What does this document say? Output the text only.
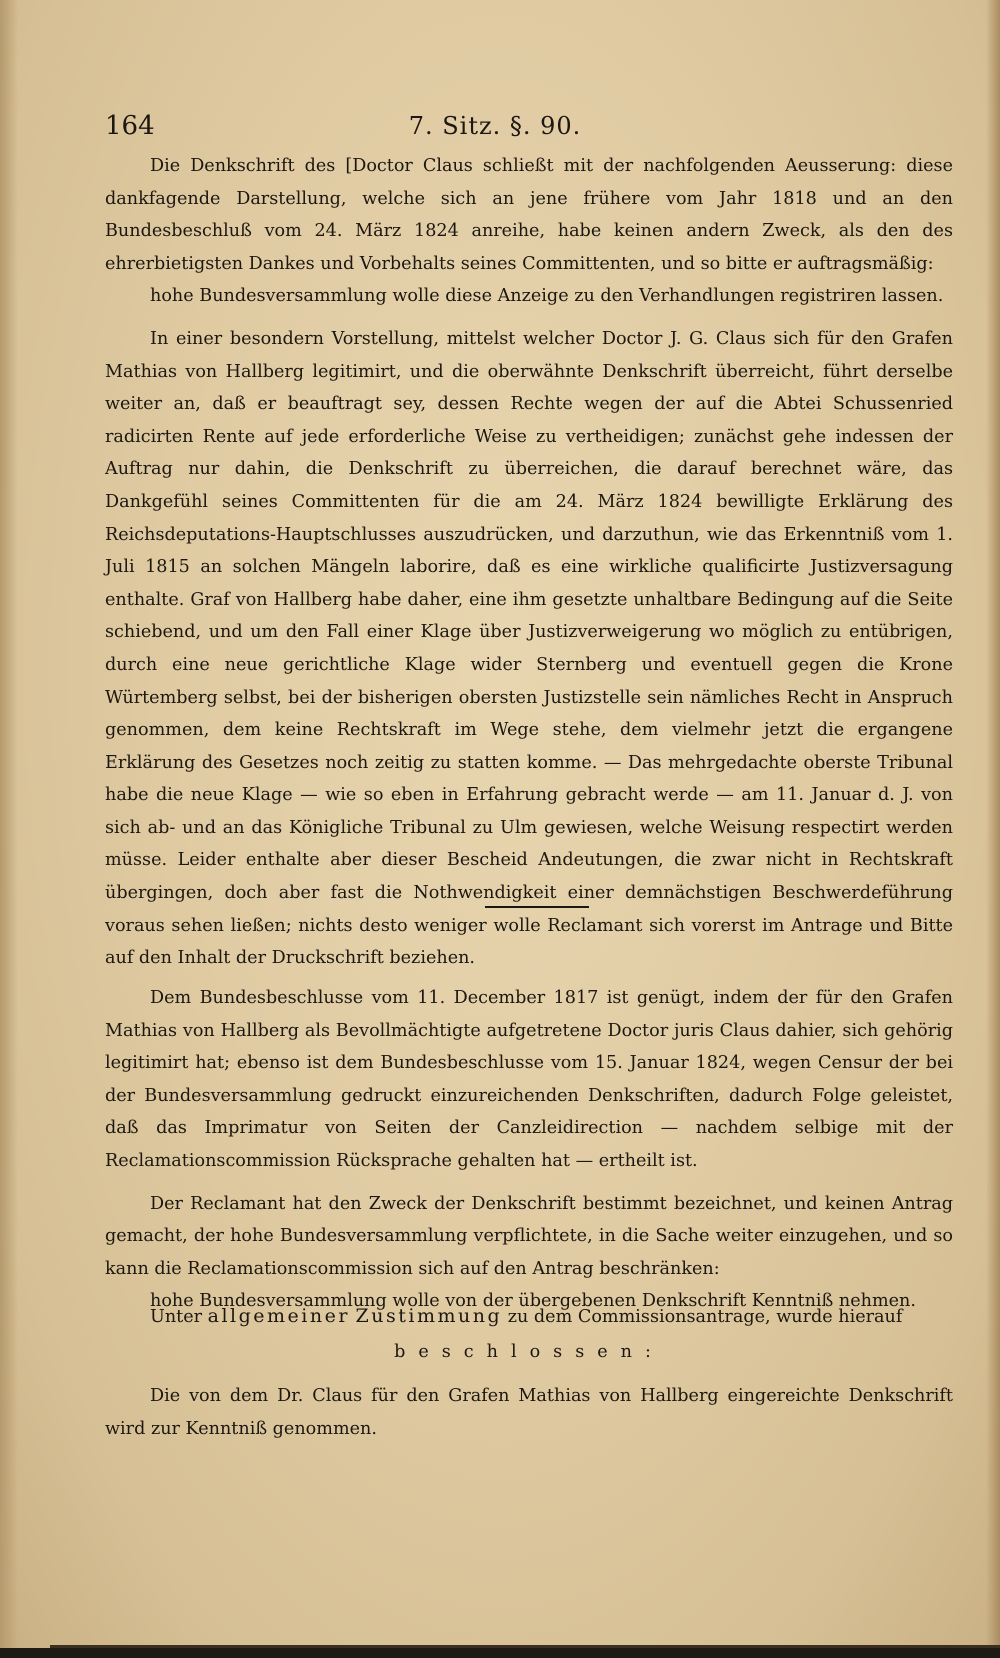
164	7. Sitz. §. 90.

Die Denkschrift des [Doctor Claus schließt mit der nachfolgenden Aeusserung: diese dankfagende Darstellung, welche sich an jene frühere vom Jahr 1818 und an den Bundesbeschluß vom 24. März 1824 anreihe, habe keinen andern Zweck, als den des ehrerbietigsten Dankes und Vorbehalts seines Committenten, und so bitte er auftragsmäßig:

hohe Bundesversammlung wolle diese Anzeige zu den Verhandlungen registriren lassen.

In einer besondern Vorstellung, mittelst welcher Doctor J. G. Claus sich für den Grafen Mathias von Hallberg legitimirt, und die oberwähnte Denkschrift überreicht, führt derselbe weiter an, daß er beauftragt sey, dessen Rechte wegen der auf die Abtei Schussenried radicirten Rente auf jede erforderliche Weise zu vertheidigen; zunächst gehe indessen der Auftrag nur dahin, die Denkschrift zu überreichen, die darauf berechnet wäre, das Dankgefühl seines Committenten für die am 24. März 1824 bewilligte Erklärung des Reichsdeputations-Hauptschlusses auszudrücken, und darzuthun, wie das Erkenntniß vom 1. Juli 1815 an solchen Mängeln laborire, daß es eine wirkliche qualificirte Justizversagung enthalte. Graf von Hallberg habe daher, eine ihm gesetzte unhaltbare Bedingung auf die Seite schiebend, und um den Fall einer Klage über Justizverweigerung wo möglich zu entübrigen, durch eine neue gerichtliche Klage wider Sternberg und eventuell gegen die Krone Würtemberg selbst, bei der bisherigen obersten Justizstelle sein nämliches Recht in Anspruch genommen, dem keine Rechtskraft im Wege stehe, dem vielmehr jetzt die ergangene Erklärung des Gesetzes noch zeitig zu statten komme. — Das mehrgedachte oberste Tribunal habe die neue Klage — wie so eben in Erfahrung gebracht werde — am 11. Januar d. J. von sich ab- und an das Königliche Tribunal zu Ulm gewiesen, welche Weisung respectirt werden müsse. Leider enthalte aber dieser Bescheid Andeutungen, die zwar nicht in Rechtskraft übergingen, doch aber fast die Nothwendigkeit einer demnächstigen Beschwerdeführung voraus sehen ließen; nichts desto weniger wolle Reclamant sich vorerst im Antrage und Bitte auf den Inhalt der Druckschrift beziehen.

Dem Bundesbeschlusse vom 11. December 1817 ist genügt, indem der für den Grafen Mathias von Hallberg als Bevollmächtigte aufgetretene Doctor juris Claus dahier, sich gehörig legitimirt hat; ebenso ist dem Bundesbeschlusse vom 15. Januar 1824, wegen Censur der bei der Bundesversammlung gedruckt einzureichenden Denkschriften, dadurch Folge geleistet, daß das Imprimatur von Seiten der Canzleidirection — nachdem selbige mit der Reclamationscommission Rücksprache gehalten hat — ertheilt ist.

Der Reclamant hat den Zweck der Denkschrift bestimmt bezeichnet, und keinen Antrag gemacht, der hohe Bundesversammlung verpflichtete, in die Sache weiter einzugehen, und so kann die Reclamationscommission sich auf den Antrag beschränken:

hohe Bundesversammlung wolle von der übergebenen Denkschrift Kenntniß nehmen.

Unter allgemeiner Zustimmung zu dem Commissionsantrage, wurde hierauf
beschlossen:

Die von dem Dr. Claus für den Grafen Mathias von Hallberg eingereichte Denkschrift wird zur Kenntniß genommen.
